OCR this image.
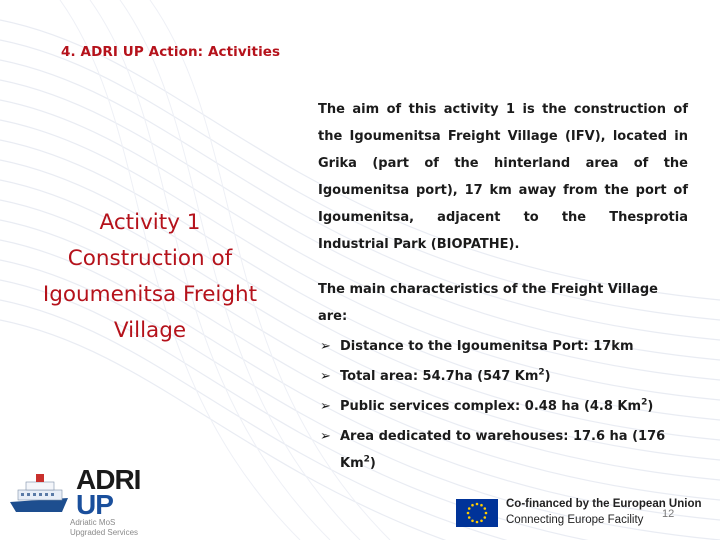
4. ADRI UP Action: Activities
Activity 1
Construction of
Igoumenitsa Freight
Village

The aim of this activity 1 is the construction of the Igoumenitsa Freight Village (IFV), located in Grika (part of the hinterland area of the Igoumenitsa port), 17 km away from the port of Igoumenitsa, adjacent to the Thesprotia Industrial Park (BIOPATHE).

The main characteristics of the Freight Village are:

➢ Distance to the Igoumenitsa Port: 17km
➢ Total area: 54.7ha (547 Km$^2$)
➢ Public services complex: 0.48 ha (4.8 Km$^2$)
➢ Area dedicated to warehouses: 17.6 ha (176 Km$^2$)
ADRI
UP
Adriatic MoS
Upgraded Services
Co-financed by the European Union
Connecting Europe Facility 12
